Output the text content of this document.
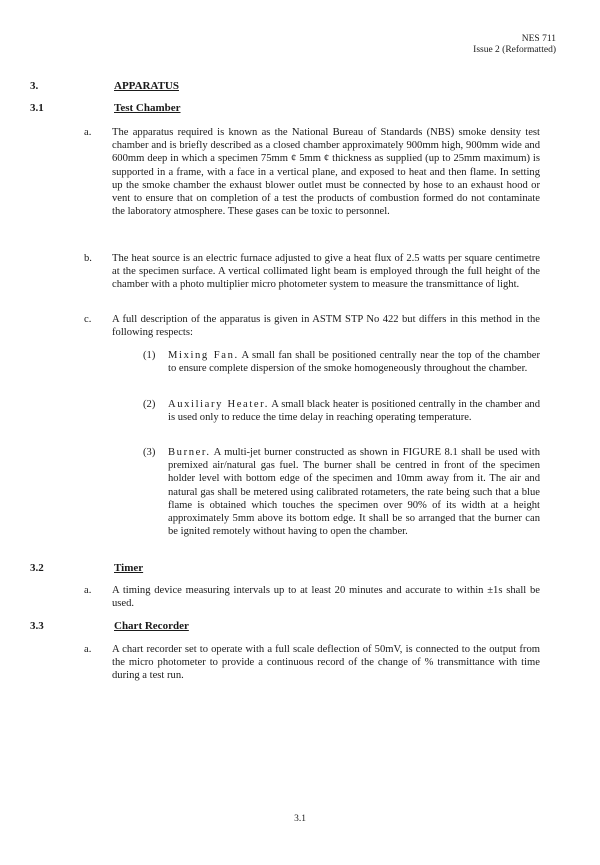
NES 711
Issue 2 (Reformatted)
3.	APPARATUS
3.1	Test Chamber
a. The apparatus required is known as the National Bureau of Standards (NBS) smoke density test chamber and is briefly described as a closed chamber approximately 900mm high, 900mm wide and 600mm deep in which a specimen 75mm ¢ 5mm ¢ thickness as supplied (up to 25mm maximum) is supported in a frame, with a face in a vertical plane, and exposed to heat and then flame. In setting up the smoke chamber the exhaust blower outlet must be connected by hose to an exhaust hood or vent to ensure that on completion of a test the products of combustion formed do not contaminate the laboratory atmosphere. These gases can be toxic to personnel.
b. The heat source is an electric furnace adjusted to give a heat flux of 2.5 watts per square centimetre at the specimen surface. A vertical collimated light beam is employed through the full height of the chamber with a photo multiplier micro photometer system to measure the transmittance of light.
c. A full description of the apparatus is given in ASTM STP No 422 but differs in this method in the following respects:
(1) Mixing Fan. A small fan shall be positioned centrally near the top of the chamber to ensure complete dispersion of the smoke homogeneously throughout the chamber.
(2) Auxiliary Heater. A small black heater is positioned centrally in the chamber and is used only to reduce the time delay in reaching operating temperature.
(3) Burner. A multi-jet burner constructed as shown in FIGURE 8.1 shall be used with premixed air/natural gas fuel. The burner shall be centred in front of the specimen holder level with bottom edge of the specimen and 10mm away from it. The air and natural gas shall be metered using calibrated rotameters, the rate being such that a blue flame is obtained which touches the specimen over 90% of its width at a height approximately 5mm above its bottom edge. It shall be so arranged that the burner can be ignited remotely without having to open the chamber.
3.2	Timer
a. A timing device measuring intervals up to at least 20 minutes and accurate to within ±1s shall be used.
3.3	Chart Recorder
a. A chart recorder set to operate with a full scale deflection of 50mV, is connected to the output from the micro photometer to provide a continuous record of the change of % transmittance with time during a test run.
3.1
